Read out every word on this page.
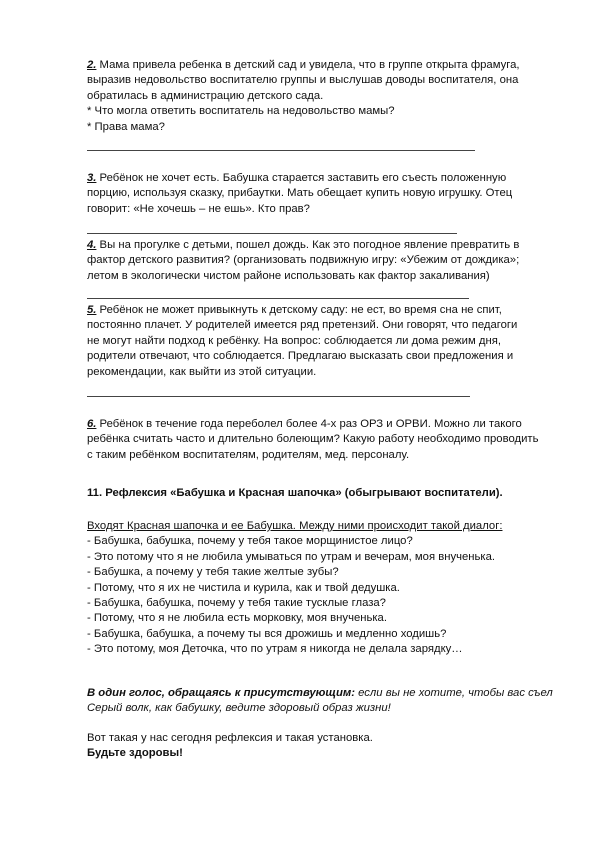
2. Мама привела ребенка в детский сад и увидела, что в группе открыта фрамуга,
выразив недовольство воспитателю группы и выслушав доводы воспитателя, она
обратилась в администрацию детского сада.
* Что могла ответить воспитатель на недовольство мамы?
* Права мама?
3. Ребёнок не хочет есть. Бабушка старается заставить его съесть положенную
порцию, используя сказку, прибаутки. Мать обещает купить новую игрушку. Отец
говорит: «Не хочешь – не ешь». Кто прав?
4. Вы на прогулке с детьми, пошел дождь. Как это погодное явление превратить в
фактор детского развития? (организовать подвижную игру: «Убежим от дождика»;
летом в экологически чистом районе использовать как фактор закаливания)
5. Ребёнок не может привыкнуть к детскому саду: не ест, во время сна не спит,
постоянно плачет. У родителей имеется ряд претензий. Они говорят, что педагоги
не могут найти подход к ребёнку. На вопрос: соблюдается ли дома режим дня,
родители отвечают, что соблюдается. Предлагаю высказать свои предложения и
рекомендации, как выйти из этой ситуации.
6. Ребёнок в течение года переболел более 4-х раз ОРЗ и ОРВИ. Можно ли такого
ребёнка считать часто и длительно болеющим? Какую работу необходимо проводить
с таким ребёнком воспитателям, родителям, мед. персоналу.
11. Рефлексия «Бабушка и Красная шапочка» (обыгрывают воспитатели).
Входят Красная шапочка и ее Бабушка. Между ними происходит такой диалог:
- Бабушка, бабушка, почему у тебя такое морщинистое лицо?
- Это потому что я не любила умываться по утрам и вечерам, моя внученька.
- Бабушка, а почему у тебя такие желтые зубы?
- Потому, что я их не чистила и курила, как и твой дедушка.
- Бабушка, бабушка, почему у тебя такие тусклые глаза?
- Потому, что я не любила есть морковку, моя внученька.
- Бабушка, бабушка, а почему ты вся дрожишь и медленно ходишь?
- Это потому, моя Деточка, что по утрам я никогда не делала зарядку…
В один голос, обращаясь к присутствующим: если вы не хотите, чтобы вас съел
Серый волк, как бабушку, ведите здоровый образ жизни!
Вот такая у нас сегодня рефлексия и такая установка.
Будьте здоровы!
